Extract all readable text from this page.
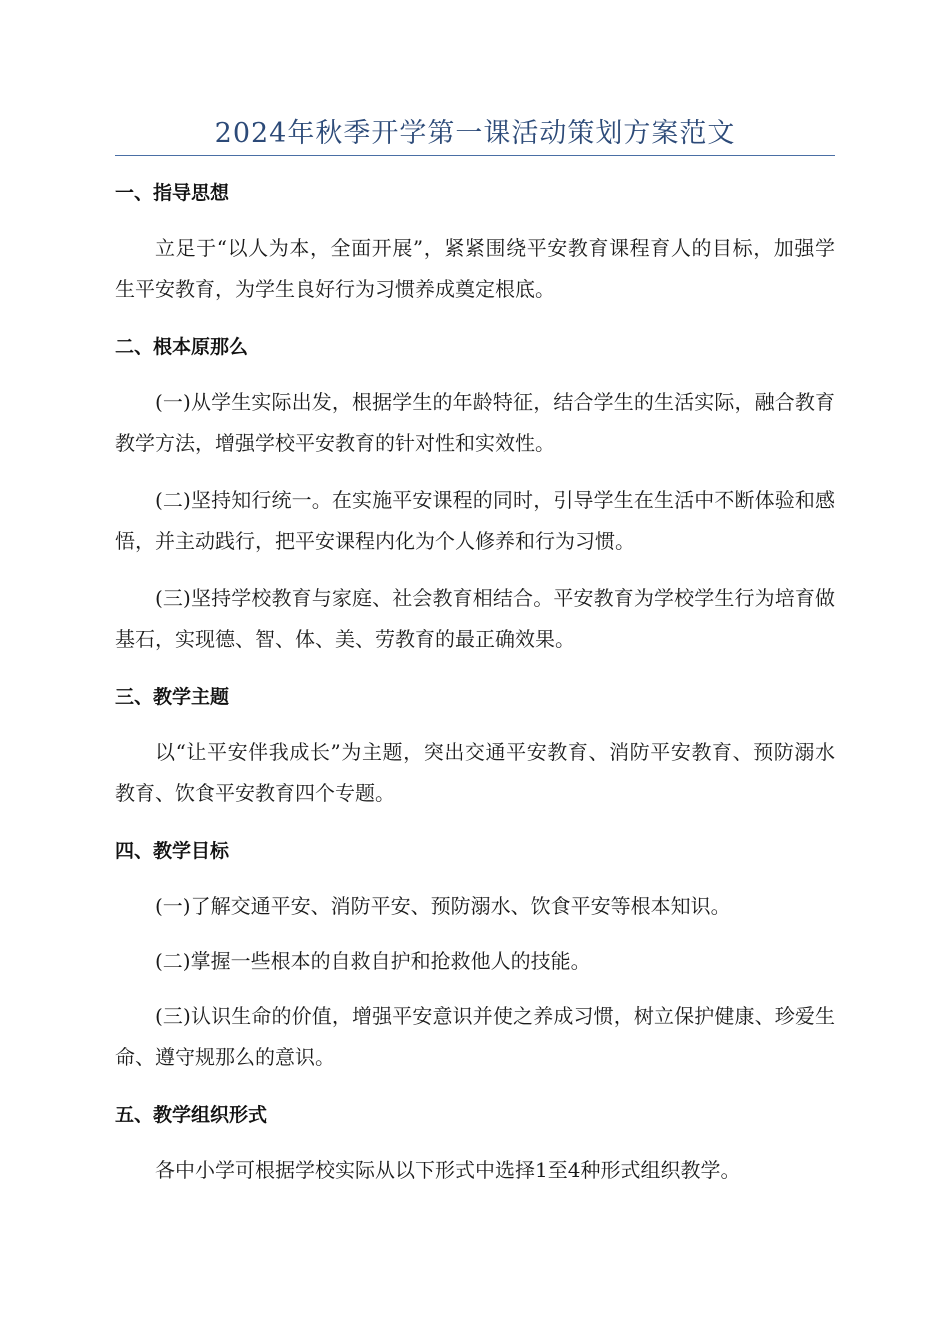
2024年秋季开学第一课活动策划方案范文
一、指导思想

立足于“以人为本，全面开展”，紧紧围绕平安教育课程育人的目标，加强学生平安教育，为学生良好行为习惯养成奠定根底。

二、根本原那么

(一)从学生实际出发，根据学生的年龄特征，结合学生的生活实际，融合教育教学方法，增强学校平安教育的针对性和实效性。

(二)坚持知行统一。在实施平安课程的同时，引导学生在生活中不断体验和感悟，并主动践行，把平安课程内化为个人修养和行为习惯。

(三)坚持学校教育与家庭、社会教育相结合。平安教育为学校学生行为培育做基石，实现德、智、体、美、劳教育的最正确效果。

三、教学主题

以“让平安伴我成长”为主题，突出交通平安教育、消防平安教育、预防溺水教育、饮食平安教育四个专题。

四、教学目标

(一)了解交通平安、消防平安、预防溺水、饮食平安等根本知识。

(二)掌握一些根本的自救自护和抢救他人的技能。

(三)认识生命的价值，增强平安意识并使之养成习惯，树立保护健康、珍爱生命、遵守规那么的意识。

五、教学组织形式

各中小学可根据学校实际从以下形式中选择1至4种形式组织教学。
